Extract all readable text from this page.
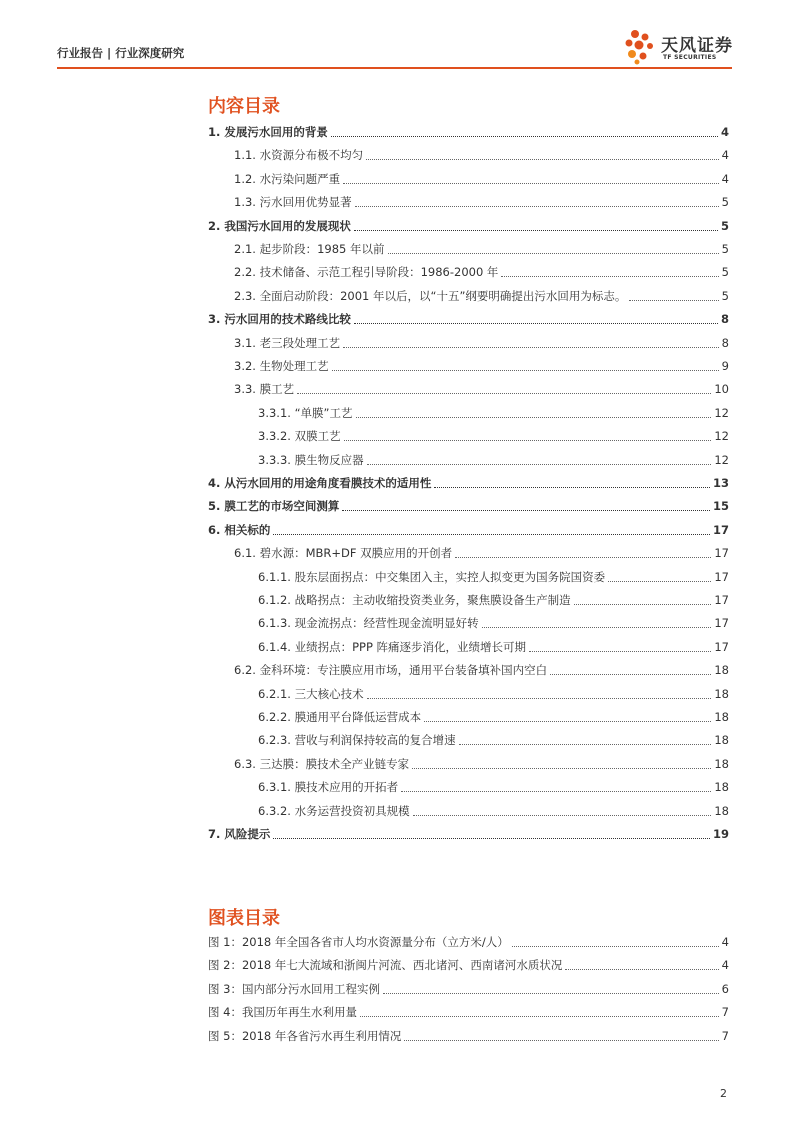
行业报告 | 行业深度研究	天风证券
TF SECURITIES
内容目录
1. 发展污水回用的背景	4
1.1. 水资源分布极不均匀	4
1.2. 水污染问题严重	4
1.3. 污水回用优势显著	5
2. 我国污水回用的发展现状	5
2.1. 起步阶段：1985 年以前	5
2.2. 技术储备、示范工程引导阶段：1986-2000 年	5
2.3. 全面启动阶段：2001 年以后，以“十五”纲要明确提出污水回用为标志。	5
3. 污水回用的技术路线比较	8
3.1. 老三段处理工艺	8
3.2. 生物处理工艺	9
3.3. 膜工艺	10
3.3.1. “单膜”工艺	12
3.3.2. 双膜工艺	12
3.3.3. 膜生物反应器	12
4. 从污水回用的用途角度看膜技术的适用性	13
5. 膜工艺的市场空间测算	15
6. 相关标的	17
6.1. 碧水源：MBR+DF 双膜应用的开创者	17
6.1.1. 股东层面拐点：中交集团入主，实控人拟变更为国务院国资委	17
6.1.2. 战略拐点：主动收缩投资类业务，聚焦膜设备生产制造	17
6.1.3. 现金流拐点：经营性现金流明显好转	17
6.1.4. 业绩拐点：PPP 阵痛逐步消化，业绩增长可期	17
6.2. 金科环境：专注膜应用市场，通用平台装备填补国内空白	18
6.2.1. 三大核心技术	18
6.2.2. 膜通用平台降低运营成本	18
6.2.3. 营收与利润保持较高的复合增速	18
6.3. 三达膜：膜技术全产业链专家	18
6.3.1. 膜技术应用的开拓者	18
6.3.2. 水务运营投资初具规模	18
7. 风险提示	19
图表目录
图 1：2018 年全国各省市人均水资源量分布（立方米/人）	4
图 2：2018 年七大流域和浙闽片河流、西北诸河、西南诸河水质状况	4
图 3：国内部分污水回用工程实例	6
图 4：我国历年再生水利用量	7
图 5：2018 年各省污水再生利用情况	7
2
